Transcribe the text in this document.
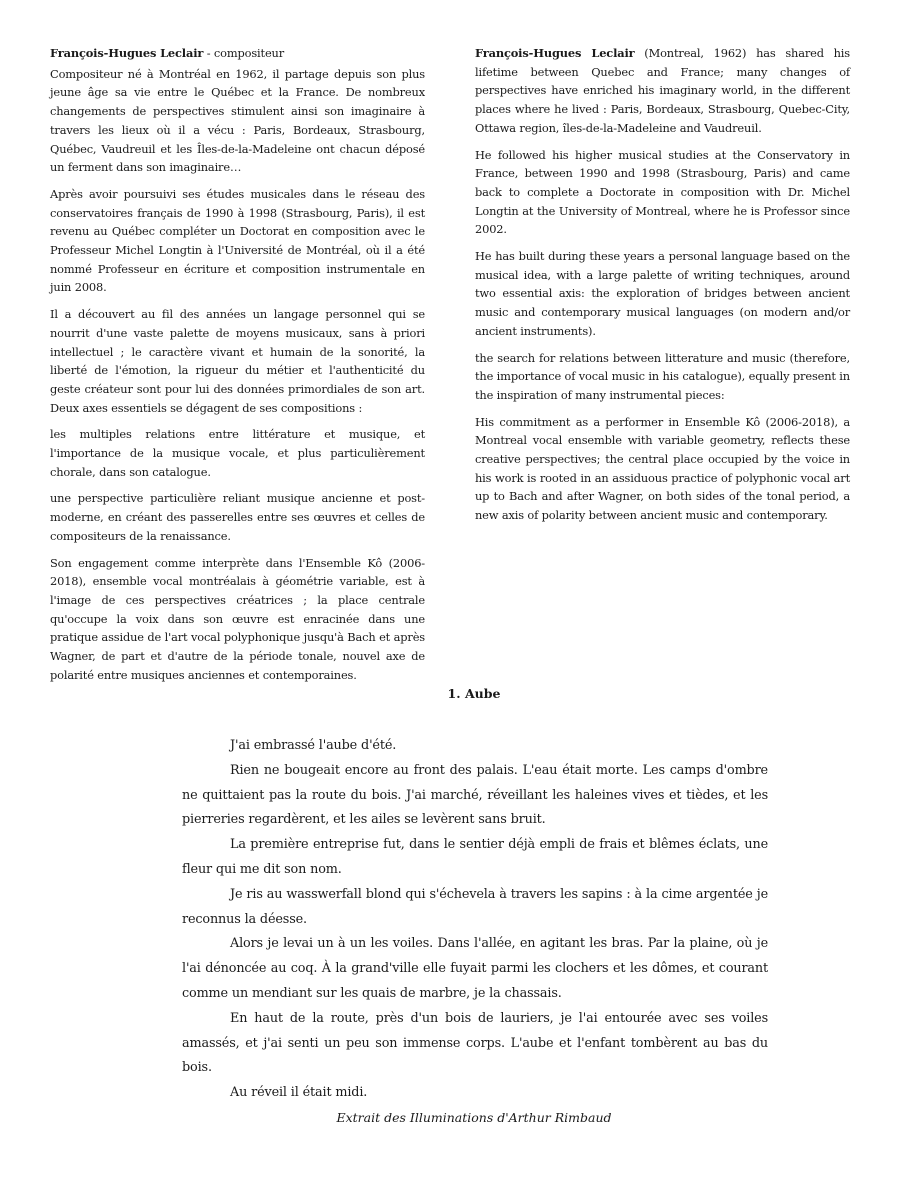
François-Hugues Leclair - compositeur

Compositeur né à Montréal en 1962, il partage depuis son plus jeune âge sa vie entre le Québec et la France. De nombreux changements de perspectives stimulent ainsi son imaginaire à travers les lieux où il a vécu : Paris, Bordeaux, Strasbourg, Québec, Vaudreuil et les Îles-de-la-Madeleine ont chacun déposé un ferment dans son imaginaire…

Après avoir poursuivi ses études musicales dans le réseau des conservatoires français de 1990 à 1998 (Strasbourg, Paris), il est revenu au Québec compléter un Doctorat en composition avec le Professeur Michel Longtin à l'Université de Montréal, où il a été nommé Professeur en écriture et composition instrumentale en juin 2008.

Il a découvert au fil des années un langage personnel qui se nourrit d'une vaste palette de moyens musicaux, sans à priori intellectuel ; le caractère vivant et humain de la sonorité, la liberté de l'émotion, la rigueur du métier et l'authenticité du geste créateur sont pour lui des données primordiales de son art. Deux axes essentiels se dégagent de ses compositions :

les multiples relations entre littérature et musique, et l'importance de la musique vocale, et plus particulièrement chorale, dans son catalogue.

une perspective particulière reliant musique ancienne et post-moderne, en créant des passerelles entre ses œuvres et celles de compositeurs de la renaissance.

Son engagement comme interprète dans l'Ensemble Kô (2006-2018), ensemble vocal montréalais à géométrie variable, est à l'image de ces perspectives créatrices ; la place centrale qu'occupe la voix dans son œuvre est enracinée dans une pratique assidue de l'art vocal polyphonique jusqu'à Bach et après Wagner, de part et d'autre de la période tonale, nouvel axe de polarité entre musiques anciennes et contemporaines.

François-Hugues Leclair (Montreal, 1962) has shared his lifetime between Quebec and France; many changes of perspectives have enriched his imaginary world, in the different places where he lived : Paris, Bordeaux, Strasbourg, Quebec-City, Ottawa region, îles-de-la-Madeleine and Vaudreuil.

He followed his higher musical studies at the Conservatory in France, between 1990 and 1998 (Strasbourg, Paris) and came back to complete a Doctorate in composition with Dr. Michel Longtin at the University of Montreal, where he is Professor since 2002.

He has built during these years a personal language based on the musical idea, with a large palette of writing techniques, around two essential axis: the exploration of bridges between ancient music and contemporary musical languages (on modern and/or ancient instruments).

the search for relations between litterature and music (therefore, the importance of vocal music in his catalogue), equally present in the inspiration of many instrumental pieces:

His commitment as a performer in Ensemble Kô (2006-2018), a Montreal vocal ensemble with variable geometry, reflects these creative perspectives; the central place occupied by the voice in his work is rooted in an assiduous practice of polyphonic vocal art up to Bach and after Wagner, on both sides of the tonal period, a new axis of polarity between ancient music and contemporary.

1. Aube

J'ai embrassé l'aube d'été.

Rien ne bougeait encore au front des palais. L'eau était morte. Les camps d'ombre ne quittaient pas la route du bois. J'ai marché, réveillant les haleines vives et tièdes, et les pierreries regardèrent, et les ailes se levèrent sans bruit.

La première entreprise fut, dans le sentier déjà empli de frais et blêmes éclats, une fleur qui me dit son nom.

Je ris au wasswerfall blond qui s'échevela à travers les sapins : à la cime argentée je reconnus la déesse.

Alors je levai un à un les voiles. Dans l'allée, en agitant les bras. Par la plaine, où je l'ai dénoncée au coq. À la grand'ville elle fuyait parmi les clochers et les dômes, et courant comme un mendiant sur les quais de marbre, je la chassais.

En haut de la route, près d'un bois de lauriers, je l'ai entourée avec ses voiles amassés, et j'ai senti un peu son immense corps. L'aube et l'enfant tombèrent au bas du bois.

Au réveil il était midi.

Extrait des Illuminations d'Arthur Rimbaud
